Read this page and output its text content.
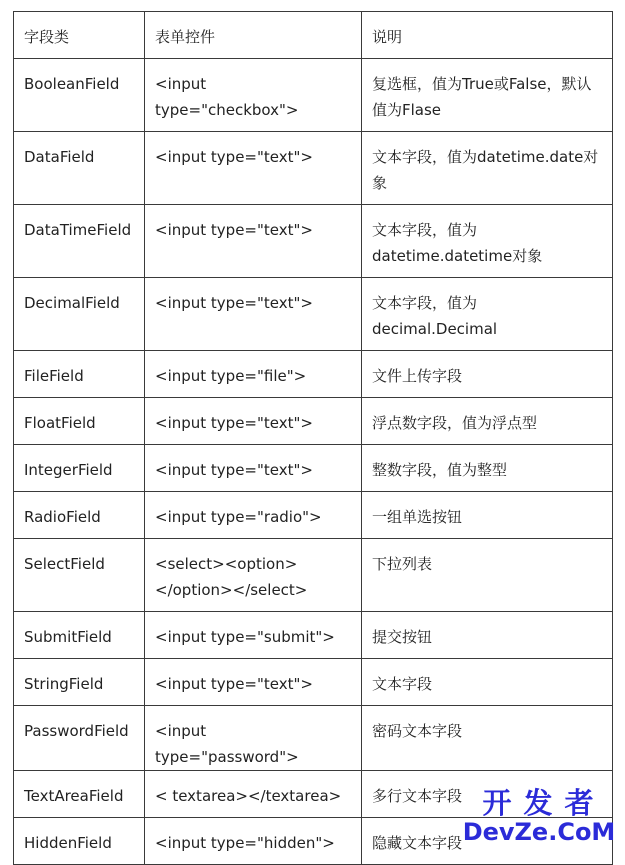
字段类	表单控件	说明
BooleanField	<input type="checkbox">	复选框，值为True或False，默认值为Flase
DataField	<input type="text">	文本字段，值为datetime.date对象
DataTimeField	<input type="text">	文本字段，值为datetime.datetime对象
DecimalField	<input type="text">	文本字段，值为decimal.Decimal
FileField	<input type="file">	文件上传字段
FloatField	<input type="text">	浮点数字段，值为浮点型
IntegerField	<input type="text">	整数字段，值为整型
RadioField	<input type="radio">	一组单选按钮
SelectField	<select><option></option></select>	下拉列表
SubmitField	<input type="submit">	提交按钮
StringField	<input type="text">	文本字段
PasswordField	<input type="password">	密码文本字段
TextAreaField	< textarea></textarea>	多行文本字段
HiddenField	<input type="hidden">	隐藏文本字段
开发者
DevZe.CoM
